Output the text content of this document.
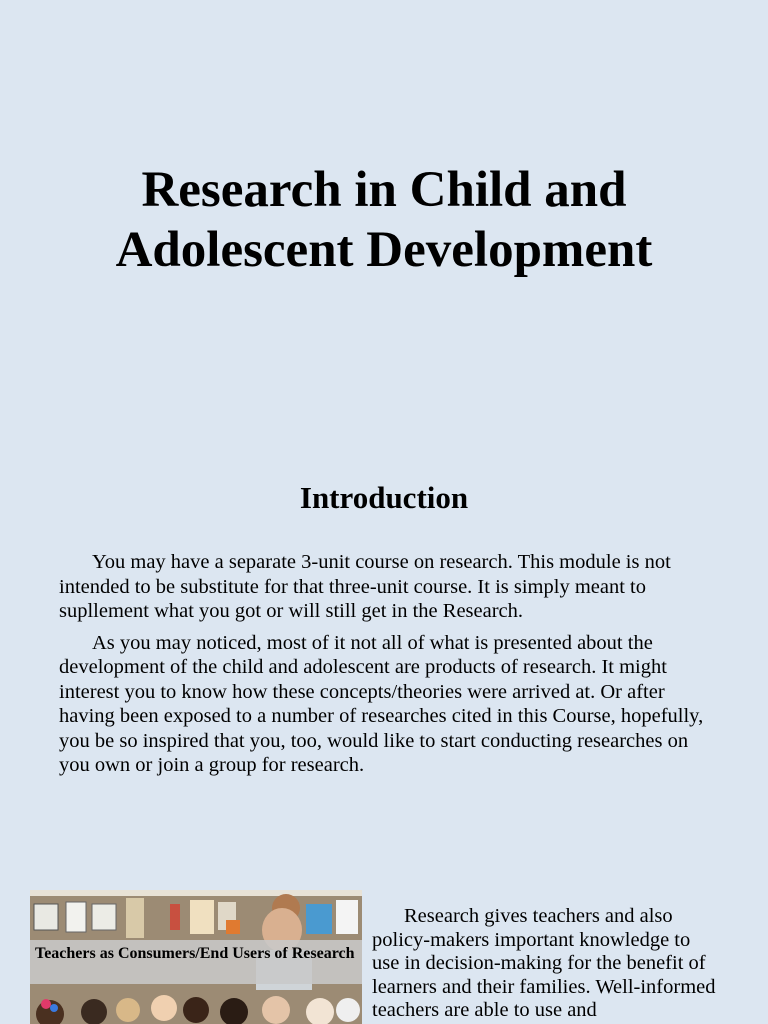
Research in Child and
Adolescent Development
Introduction

You may have a separate 3-unit course on research. This module is not intended to be substitute for that three-unit course. It is simply meant to supllement what you got or will still get in the Research.

As you may noticed, most of it not all of what is presented about the development of the child and adolescent are products of research. It might interest you to know how these concepts/theories were arrived at. Or after having been exposed to a number of researches cited in this Course, hopefully, you be so inspired that you, too, would like to start conducting researches on you own or join a group for research.

Teachers as Consumers/End Users of Research

Research gives teachers and also policy-makers important knowledge to use in decision-making for the benefit of learners and their families. Well-informed teachers are able to use and
